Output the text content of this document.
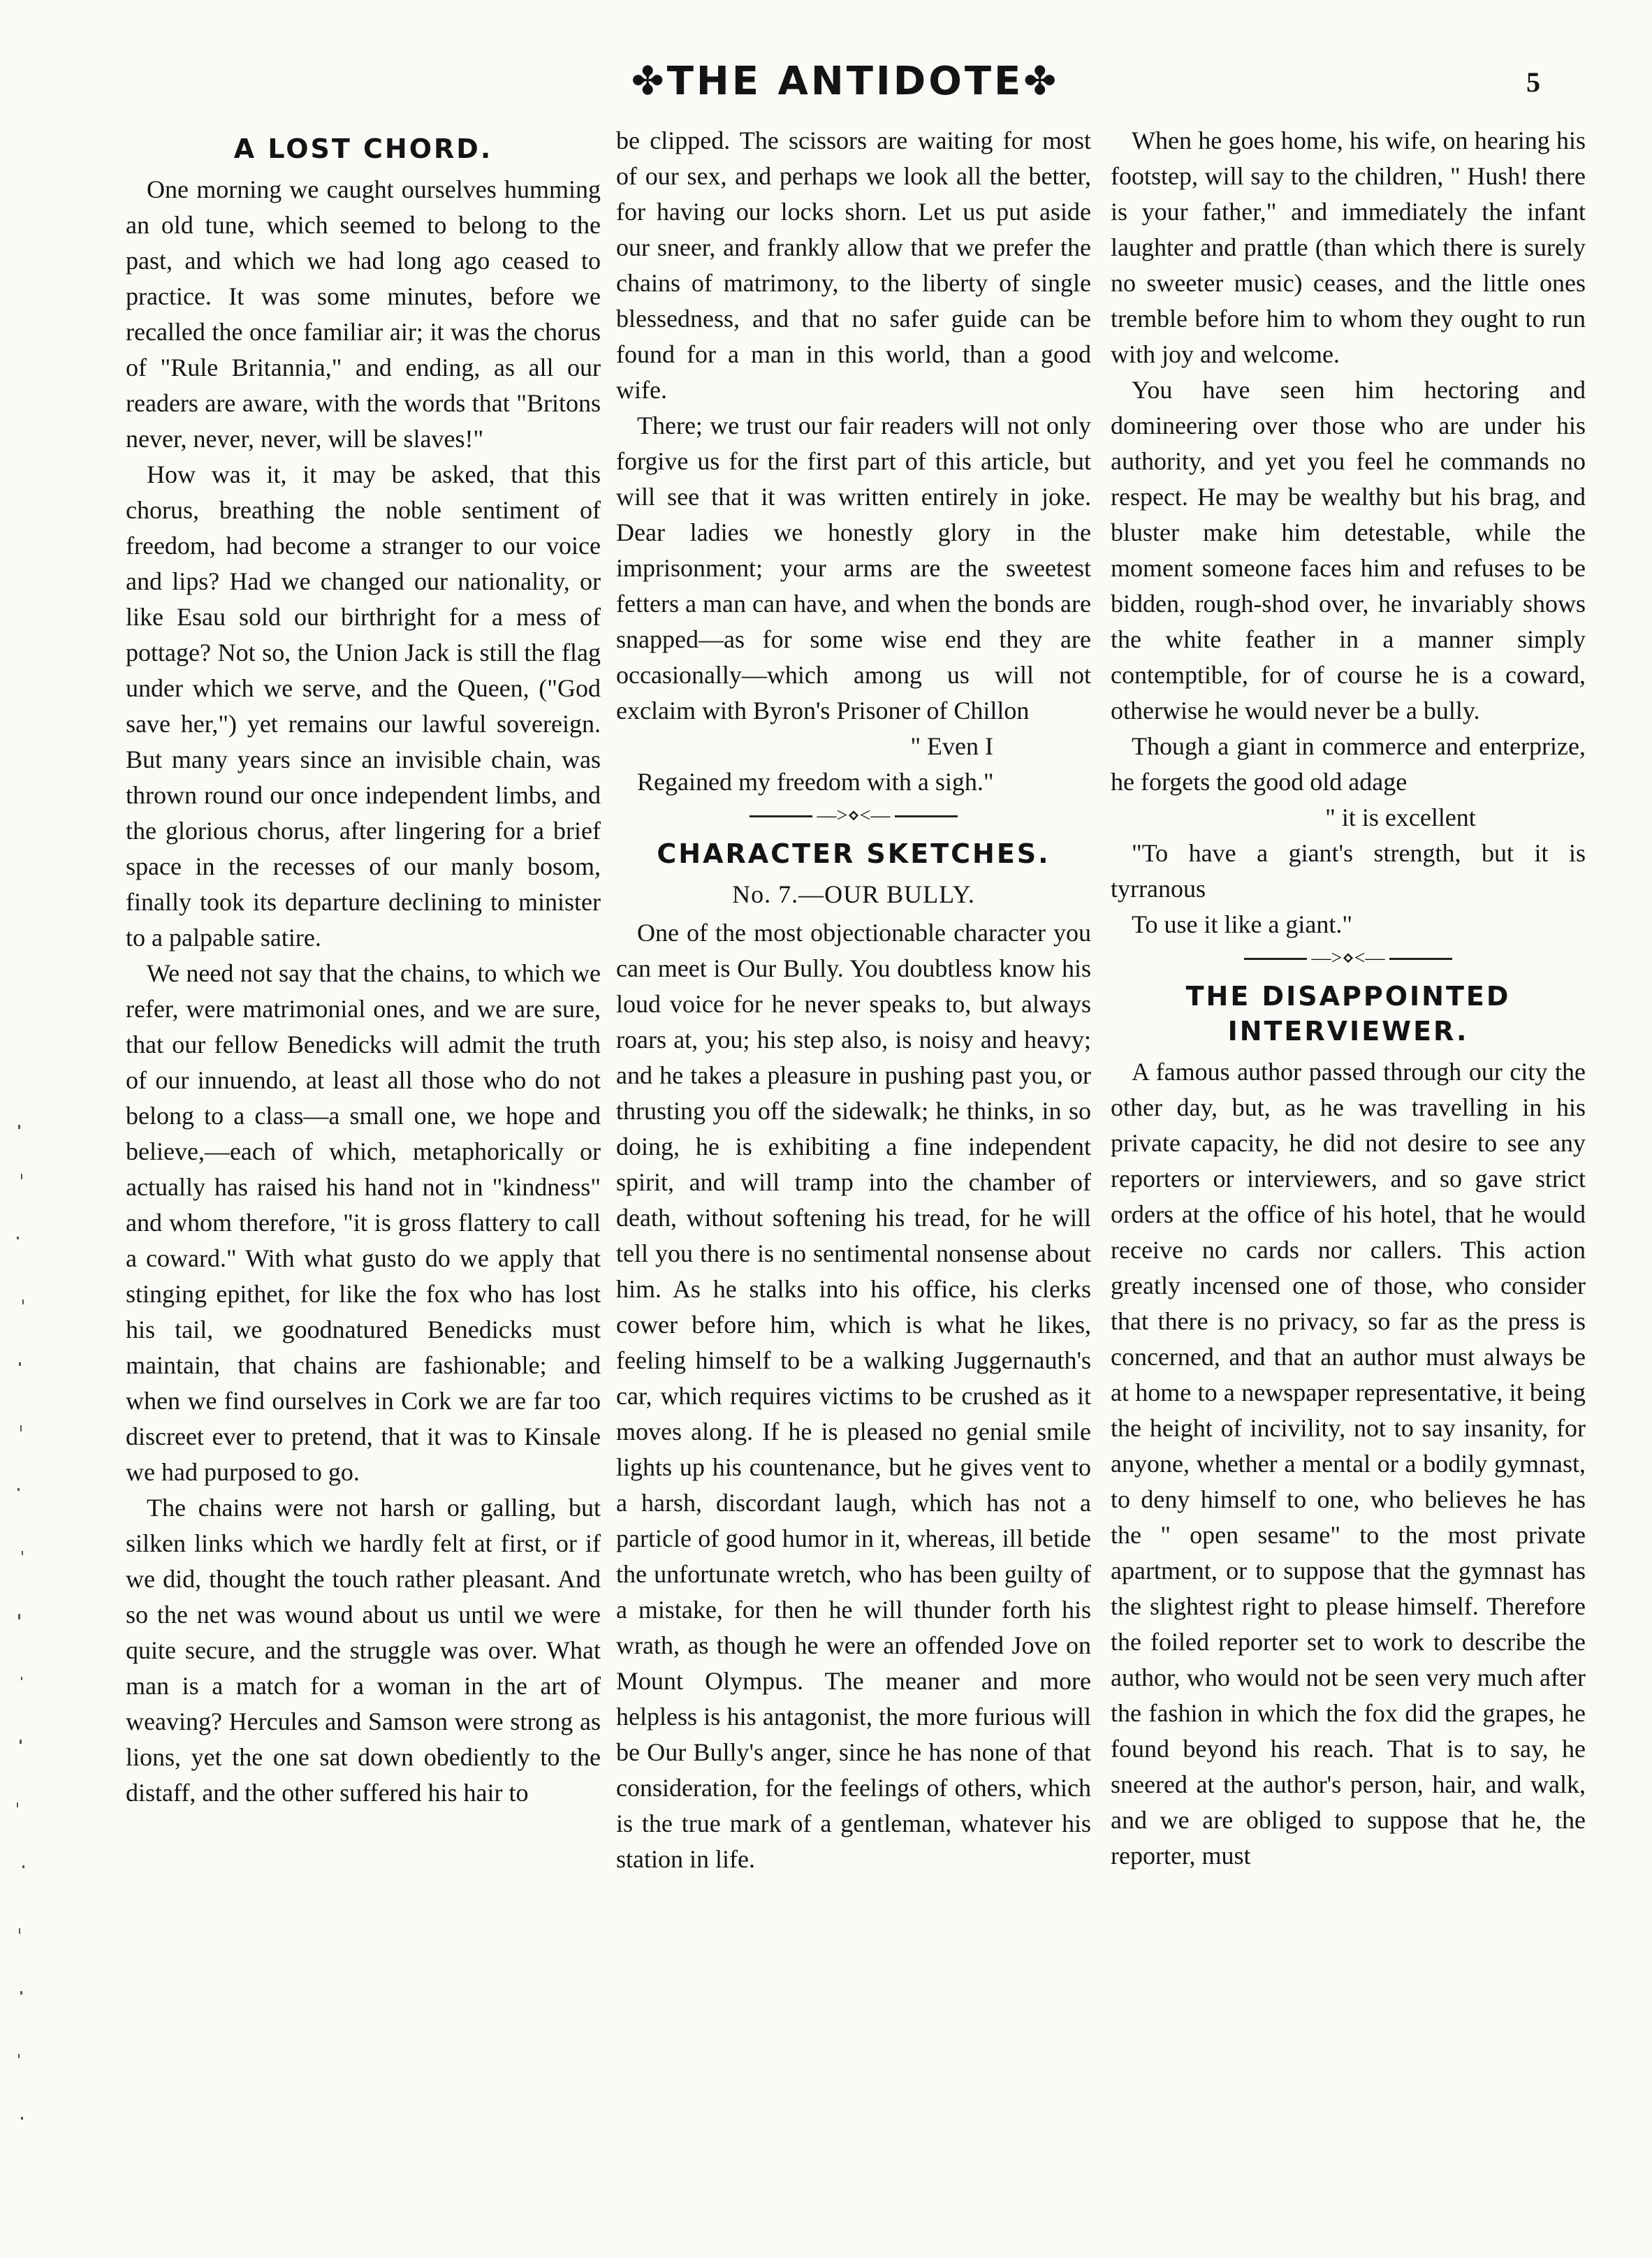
✤THE ANTIDOTE✤	5
A LOST CHORD.

One morning we caught ourselves humming an old tune, which seemed to belong to the past, and which we had long ago ceased to practice. It was some minutes, before we recalled the once familiar air; it was the chorus of "Rule Britannia," and ending, as all our readers are aware, with the words that "Britons never, never, never, will be slaves!"

How was it, it may be asked, that this chorus, breathing the noble sentiment of freedom, had become a stranger to our voice and lips? Had we changed our nationality, or like Esau sold our birthright for a mess of pottage? Not so, the Union Jack is still the flag under which we serve, and the Queen, ("God save her,") yet remains our lawful sovereign. But many years since an invisible chain, was thrown round our once independent limbs, and the glorious chorus, after lingering for a brief space in the recesses of our manly bosom, finally took its departure declining to minister to a palpable satire.

We need not say that the chains, to which we refer, were matrimonial ones, and we are sure, that our fellow Benedicks will admit the truth of our innuendo, at least all those who do not belong to a class—a small one, we hope and believe,—each of which, metaphorically or actually has raised his hand not in "kindness" and whom therefore, "it is gross flattery to call a coward." With what gusto do we apply that stinging epithet, for like the fox who has lost his tail, we goodnatured Benedicks must maintain, that chains are fashionable; and when we find ourselves in Cork we are far too discreet ever to pretend, that it was to Kinsale we had purposed to go.

The chains were not harsh or galling, but silken links which we hardly felt at first, or if we did, thought the touch rather pleasant. And so the net was wound about us until we were quite secure, and the struggle was over. What man is a match for a woman in the art of weaving? Hercules and Samson were strong as lions, yet the one sat down obediently to the distaff, and the other suffered his hair to

be clipped. The scissors are waiting for most of our sex, and perhaps we look all the better, for having our locks shorn. Let us put aside our sneer, and frankly allow that we prefer the chains of matrimony, to the liberty of single blessedness, and that no safer guide can be found for a man in this world, than a good wife.

There; we trust our fair readers will not only forgive us for the first part of this article, but will see that it was written entirely in joke. Dear ladies we honestly glory in the imprisonment; your arms are the sweetest fetters a man can have, and when the bonds are snapped—as for some wise end they are occasionally—which among us will not exclaim with Byron's Prisoner of Chillon

" Even I

Regained my freedom with a sigh."

—>⋄<—
CHARACTER SKETCHES.
No. 7.—OUR BULLY.

One of the most objectionable character you can meet is Our Bully. You doubtless know his loud voice for he never speaks to, but always roars at, you; his step also, is noisy and heavy; and he takes a pleasure in pushing past you, or thrusting you off the sidewalk; he thinks, in so doing, he is exhibiting a fine independent spirit, and will tramp into the chamber of death, without softening his tread, for he will tell you there is no sentimental nonsense about him. As he stalks into his office, his clerks cower before him, which is what he likes, feeling himself to be a walking Juggernauth's car, which requires victims to be crushed as it moves along. If he is pleased no genial smile lights up his countenance, but he gives vent to a harsh, discordant laugh, which has not a particle of good humor in it, whereas, ill betide the unfortunate wretch, who has been guilty of a mistake, for then he will thunder forth his wrath, as though he were an offended Jove on Mount Olympus. The meaner and more helpless is his antagonist, the more furious will be Our Bully's anger, since he has none of that consideration, for the feelings of others, which is the true mark of a gentleman, whatever his station in life.

When he goes home, his wife, on hearing his footstep, will say to the children, " Hush! there is your father," and immediately the infant laughter and prattle (than which there is surely no sweeter music) ceases, and the little ones tremble before him to whom they ought to run with joy and welcome.

You have seen him hectoring and domineering over those who are under his authority, and yet you feel he commands no respect. He may be wealthy but his brag, and bluster make him detestable, while the moment someone faces him and refuses to be bidden, rough-shod over, he invariably shows the white feather in a manner simply contemptible, for of course he is a coward, otherwise he would never be a bully.

Though a giant in commerce and enterprize, he forgets the good old adage

" it is excellent

"To have a giant's strength, but it is tyrranous

To use it like a giant."

—>⋄<—
THE DISAPPOINTED INTERVIEWER.

A famous author passed through our city the other day, but, as he was travelling in his private capacity, he did not desire to see any reporters or interviewers, and so gave strict orders at the office of his hotel, that he would receive no cards nor callers. This action greatly incensed one of those, who consider that there is no privacy, so far as the press is concerned, and that an author must always be at home to a newspaper representative, it being the height of incivility, not to say insanity, for anyone, whether a mental or a bodily gymnast, to deny himself to one, who believes he has the " open sesame" to the most private apartment, or to suppose that the gymnast has the slightest right to please himself. Therefore the foiled reporter set to work to describe the author, who would not be seen very much after the fashion in which the fox did the grapes, he found beyond his reach. That is to say, he sneered at the author's person, hair, and walk, and we are obliged to suppose that he, the reporter, must
